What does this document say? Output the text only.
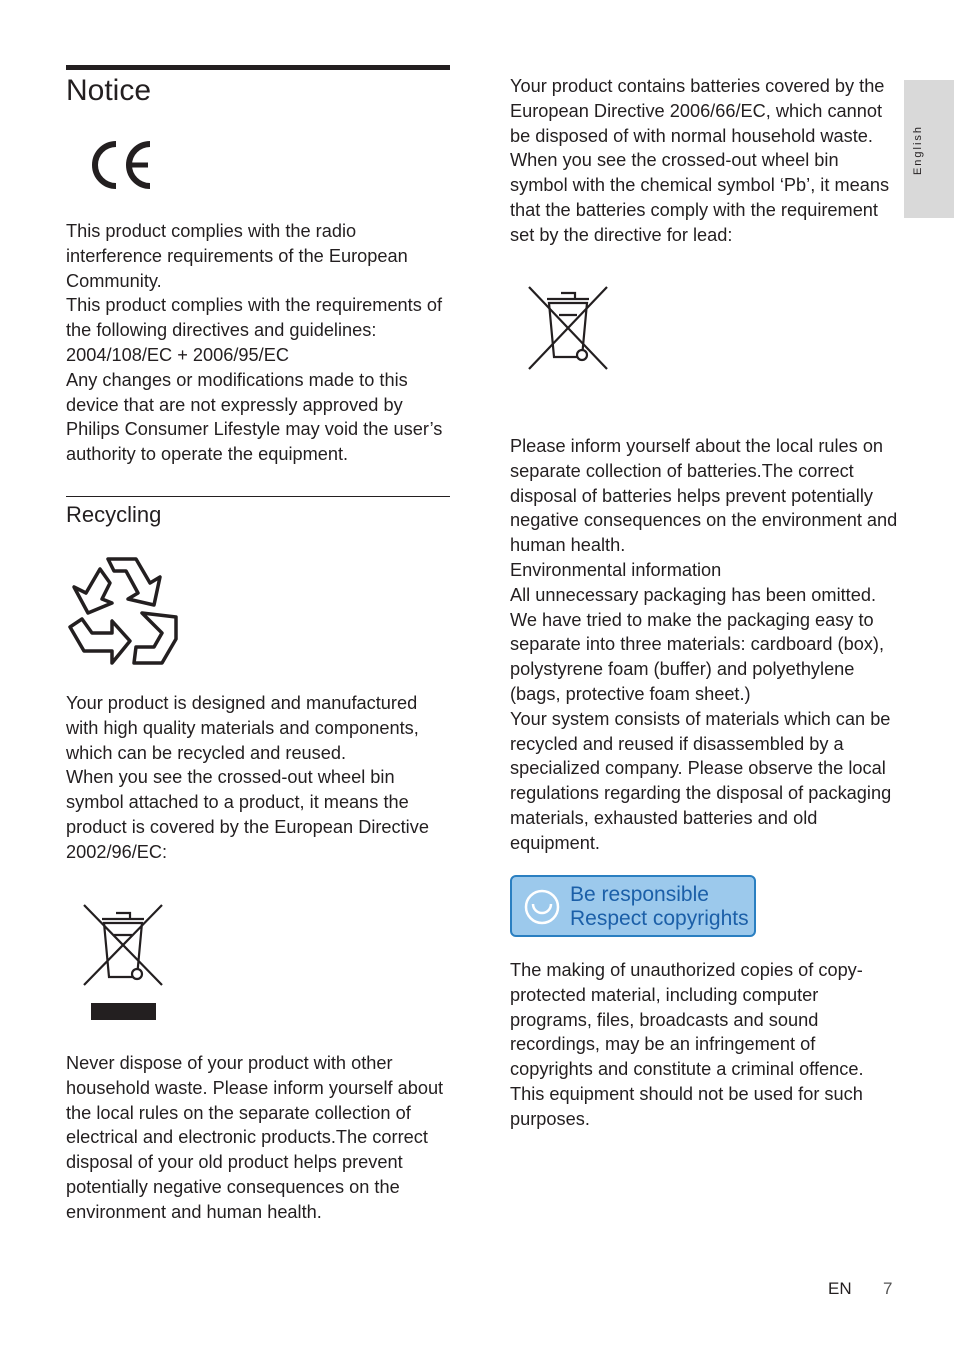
English
Notice

This product complies with the radio interference requirements of the European Community.

This product complies with the requirements of the following directives and guidelines: 2004/108/EC + 2006/95/EC

Any changes or modifications made to this device that are not expressly approved by Philips Consumer Lifestyle may void the user’s authority to operate the equipment.

Recycling

Your product is designed and manufactured with high quality materials and components, which can be recycled and reused.

When you see the crossed-out wheel bin symbol attached to a product, it means the product is covered by the European Directive 2002/96/EC:

Never dispose of your product with other household waste. Please inform yourself about the local rules on the separate collection of electrical and electronic products.The correct disposal of your old product helps prevent potentially negative consequences on the environment and human health.

Your product contains batteries covered by the European Directive 2006/66/EC, which cannot be disposed of with normal household waste. When you see the crossed-out wheel bin symbol with the chemical symbol ‘Pb’, it means that the batteries comply with the requirement set by the directive for lead:

Please inform yourself about the local rules on separate collection of batteries.The correct disposal of batteries helps prevent potentially negative consequences on the environment and human health.

Environmental information

All unnecessary packaging has been omitted. We have tried to make the packaging easy to separate into three materials: cardboard (box), polystyrene foam (buffer) and polyethylene (bags, protective foam sheet.)

Your system consists of materials which can be recycled and reused if disassembled by a specialized company. Please observe the local regulations regarding the disposal of packaging materials, exhausted batteries and old equipment.

Be responsible
Respect copyrights

The making of unauthorized copies of copy-protected material, including computer programs, files, broadcasts and sound recordings, may be an infringement of copyrights and constitute a criminal offence. This equipment should not be used for such purposes.

EN 7
